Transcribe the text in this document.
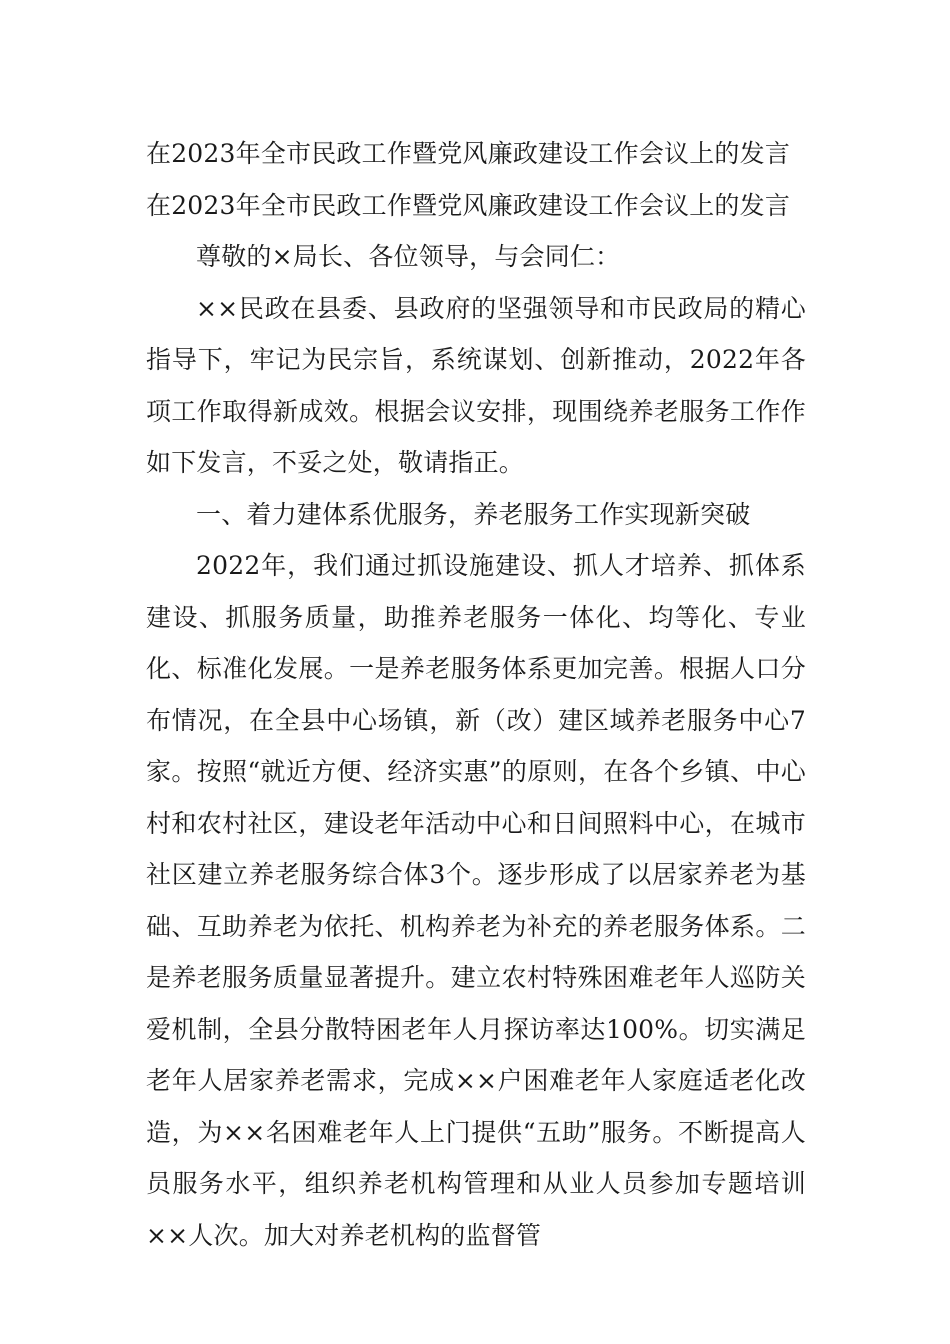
在2023年全市民政工作暨党风廉政建设工作会议上的发言

在2023年全市民政工作暨党风廉政建设工作会议上的发言

尊敬的×局长、各位领导，与会同仁：

××民政在县委、县政府的坚强领导和市民政局的精心指导下，牢记为民宗旨，系统谋划、创新推动，2022年各项工作取得新成效。根据会议安排，现围绕养老服务工作作如下发言，不妥之处，敬请指正。

一、着力建体系优服务，养老服务工作实现新突破

2022年，我们通过抓设施建设、抓人才培养、抓体系建设、抓服务质量，助推养老服务一体化、均等化、专业化、标准化发展。一是养老服务体系更加完善。根据人口分布情况，在全县中心场镇，新（改）建区域养老服务中心7家。按照“就近方便、经济实惠”的原则，在各个乡镇、中心村和农村社区，建设老年活动中心和日间照料中心，在城市社区建立养老服务综合体3个。逐步形成了以居家养老为基础、互助养老为依托、机构养老为补充的养老服务体系。二是养老服务质量显著提升。建立农村特殊困难老年人巡防关爱机制，全县分散特困老年人月探访率达100%。切实满足老年人居家养老需求，完成××户困难老年人家庭适老化改造，为××名困难老年人上门提供“五助”服务。不断提高人员服务水平，组织养老机构管理和从业人员参加专题培训××人次。加大对养老机构的监督管
